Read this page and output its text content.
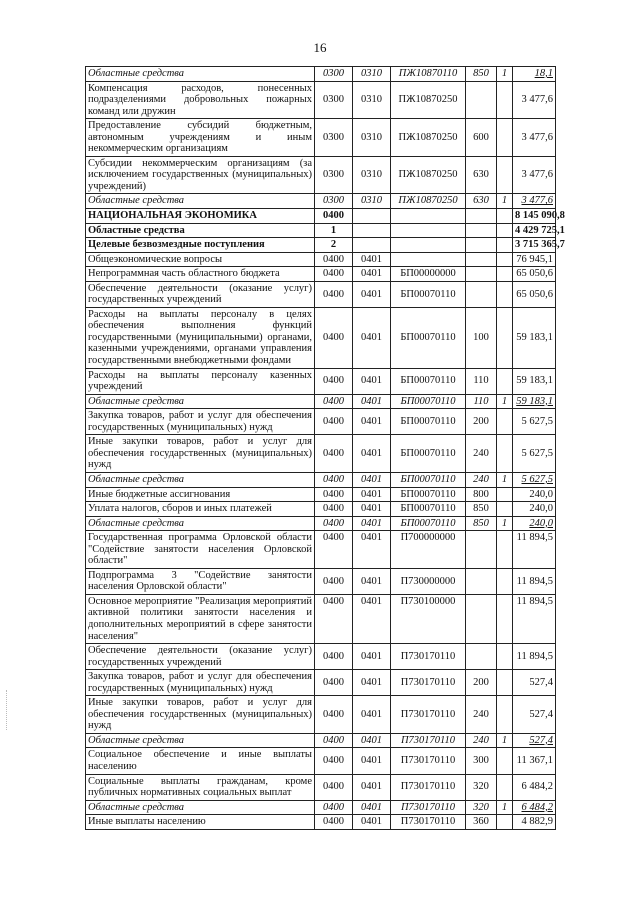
16
Областные средства	0300	0310	ПЖ10870110	850	1	18,1
Компенсация расходов, понесенных подразделениями добровольных пожарных команд или дружин	0300	0310	ПЖ10870250			3 477,6
Предоставление субсидий бюджетным, автономным учреждениям и иным некоммерческим организациям	0300	0310	ПЖ10870250	600		3 477,6
Субсидии некоммерческим организациям (за исключением государственных (муниципальных) учреждений)	0300	0310	ПЖ10870250	630		3 477,6
Областные средства	0300	0310	ПЖ10870250	630	1	3 477,6
НАЦИОНАЛЬНАЯ ЭКОНОМИКА	0400					8 145 090,8
Областные средства	1					4 429 725,1
Целевые безвозмездные поступления	2					3 715 365,7
Общеэкономические вопросы	0400	0401				76 945,1
Непрограммная часть областного бюджета	0400	0401	БП00000000			65 050,6
Обеспечение деятельности (оказание услуг) государственных учреждений	0400	0401	БП00070110			65 050,6
Расходы на выплаты персоналу в целях обеспечения выполнения функций государственными (муниципальными) органами, казенными учреждениями, органами управления государственными внебюджетными фондами	0400	0401	БП00070110	100		59 183,1
Расходы на выплаты персоналу казенных учреждений	0400	0401	БП00070110	110		59 183,1
Областные средства	0400	0401	БП00070110	110	1	59 183,1
Закупка товаров, работ и услуг для обеспечения государственных (муниципальных) нужд	0400	0401	БП00070110	200		5 627,5
Иные закупки товаров, работ и услуг для обеспечения государственных (муниципальных) нужд	0400	0401	БП00070110	240		5 627,5
Областные средства	0400	0401	БП00070110	240	1	5 627,5
Иные бюджетные ассигнования	0400	0401	БП00070110	800		240,0
Уплата налогов, сборов и иных платежей	0400	0401	БП00070110	850		240,0
Областные средства	0400	0401	БП00070110	850	1	240,0
Государственная программа Орловской области "Содействие занятости населения Орловской области"	0400	0401	П700000000			11 894,5
Подпрограмма 3 "Содействие занятости населения Орловской области"	0400	0401	П730000000			11 894,5
Основное мероприятие "Реализация мероприятий активной политики занятости населения и дополнительных мероприятий в сфере занятости населения"	0400	0401	П730100000			11 894,5
Обеспечение деятельности (оказание услуг) государственных учреждений	0400	0401	П730170110			11 894,5
Закупка товаров, работ и услуг для обеспечения государственных (муниципальных) нужд	0400	0401	П730170110	200		527,4
Иные закупки товаров, работ и услуг для обеспечения государственных (муниципальных) нужд	0400	0401	П730170110	240		527,4
Областные средства	0400	0401	П730170110	240	1	527,4
Социальное обеспечение и иные выплаты населению	0400	0401	П730170110	300		11 367,1
Социальные выплаты гражданам, кроме публичных нормативных социальных выплат	0400	0401	П730170110	320		6 484,2
Областные средства	0400	0401	П730170110	320	1	6 484,2
Иные выплаты населению	0400	0401	П730170110	360		4 882,9
